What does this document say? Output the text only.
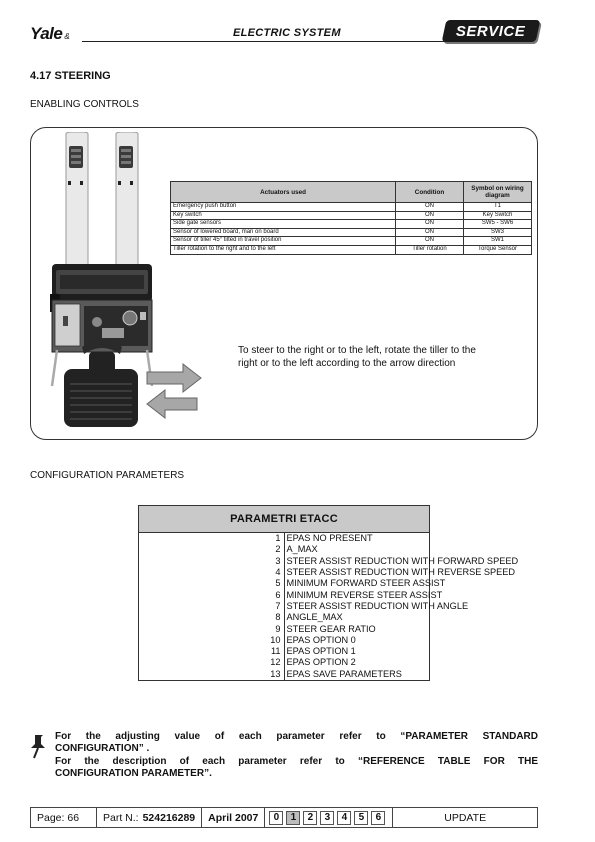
Yale &	ELECTRIC SYSTEM	SERVICE
4.17 STEERING
ENABLING CONTROLS
Actuators used	Condition	Symbol on wiring diagram
Emergency push button	ON	T1
Key switch	ON	Key Switch
Side gate sensors	ON	SW5 - SW6
Sensor of lowered board, man on board	ON	SW3
Sensor of tiller 45° tilted in travel position	ON	SW1
Tiller rotation to the right and to the left	Tiller rotation	Torque Sensor
To steer to the right or to the left, rotate the tiller to the right or to the left according to the arrow direction
CONFIGURATION PARAMETERS
PARAMETRI ETACC	
1	EPAS NO PRESENT
2	A_MAX
3	STEER ASSIST REDUCTION WITH FORWARD SPEED
4	STEER ASSIST REDUCTION WITH REVERSE SPEED
5	MINIMUM FORWARD STEER ASSIST
6	MINIMUM REVERSE STEER ASSIST
7	STEER ASSIST REDUCTION WITH ANGLE
8	ANGLE_MAX
9	STEER GEAR RATIO
10	EPAS OPTION 0
11	EPAS OPTION 1
12	EPAS OPTION 2
13	EPAS SAVE PARAMETERS

For the adjusting value of each parameter refer to “PARAMETER STANDARD

CONFIGURATION” .

For the description of each parameter refer to “REFERENCE TABLE FOR THE

CONFIGURATION PARAMETER”.

Page: 66	Part N.: 524216289	April 2007	0	1	2	3	4	5	6	UPDATE
